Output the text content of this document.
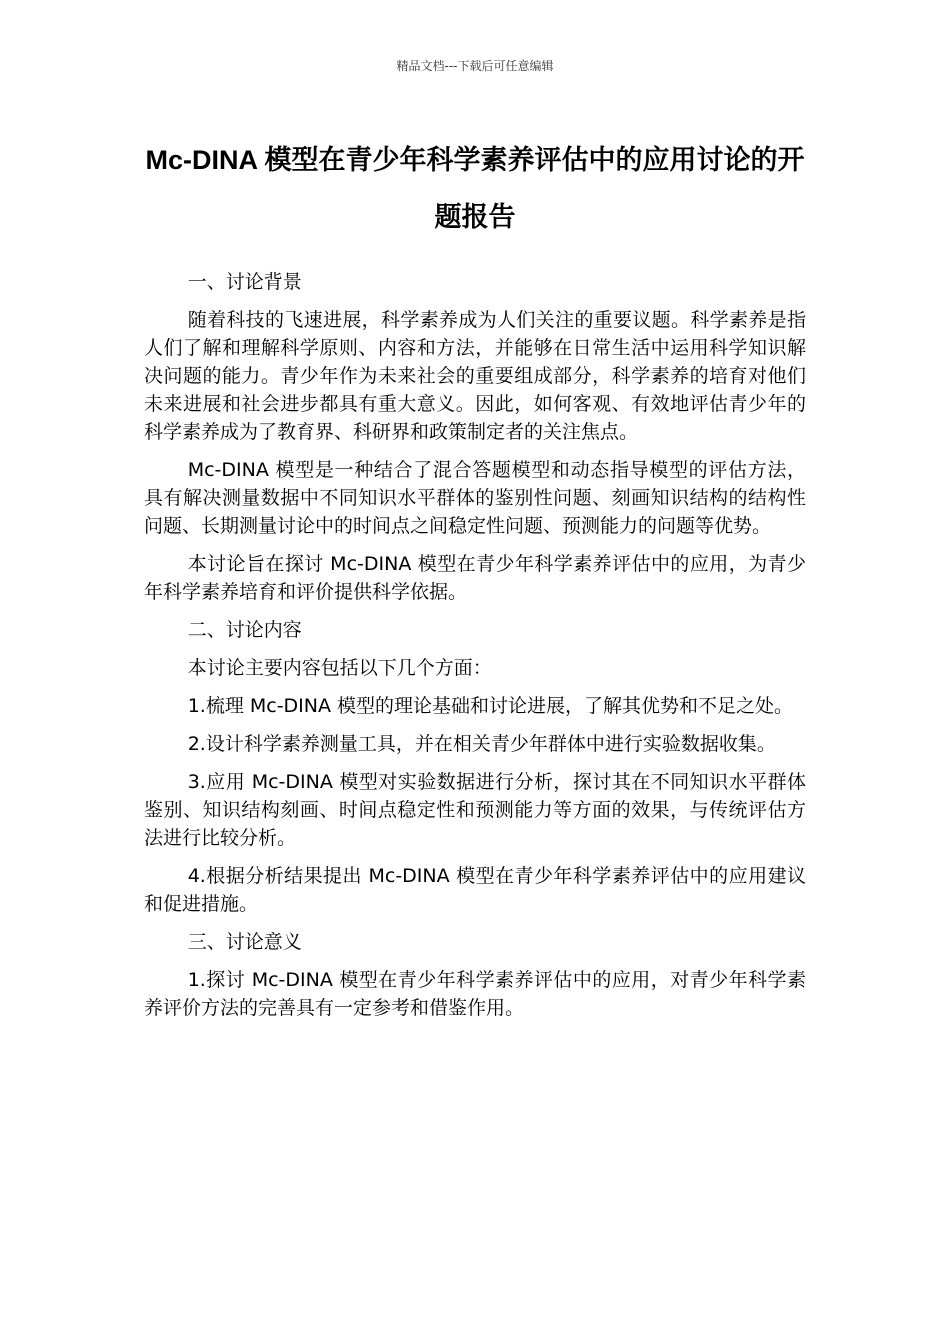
精品文档---下载后可任意编辑
Mc-DINA 模型在青少年科学素养评估中的应用讨论的开题报告

一、讨论背景

随着科技的飞速进展，科学素养成为人们关注的重要议题。科学素养是指人们了解和理解科学原则、内容和方法，并能够在日常生活中运用科学知识解决问题的能力。青少年作为未来社会的重要组成部分，科学素养的培育对他们未来进展和社会进步都具有重大意义。因此，如何客观、有效地评估青少年的科学素养成为了教育界、科研界和政策制定者的关注焦点。

Mc-DINA 模型是一种结合了混合答题模型和动态指导模型的评估方法，具有解决测量数据中不同知识水平群体的鉴别性问题、刻画知识结构的结构性问题、长期测量讨论中的时间点之间稳定性问题、预测能力的问题等优势。

本讨论旨在探讨 Mc-DINA 模型在青少年科学素养评估中的应用，为青少年科学素养培育和评价提供科学依据。

二、讨论内容

本讨论主要内容包括以下几个方面：

1.梳理 Mc-DINA 模型的理论基础和讨论进展，了解其优势和不足之处。

2.设计科学素养测量工具，并在相关青少年群体中进行实验数据收集。

3.应用 Mc-DINA 模型对实验数据进行分析，探讨其在不同知识水平群体鉴别、知识结构刻画、时间点稳定性和预测能力等方面的效果，与传统评估方法进行比较分析。

4.根据分析结果提出 Mc-DINA 模型在青少年科学素养评估中的应用建议和促进措施。

三、讨论意义

1.探讨 Mc-DINA 模型在青少年科学素养评估中的应用，对青少年科学素养评价方法的完善具有一定参考和借鉴作用。
